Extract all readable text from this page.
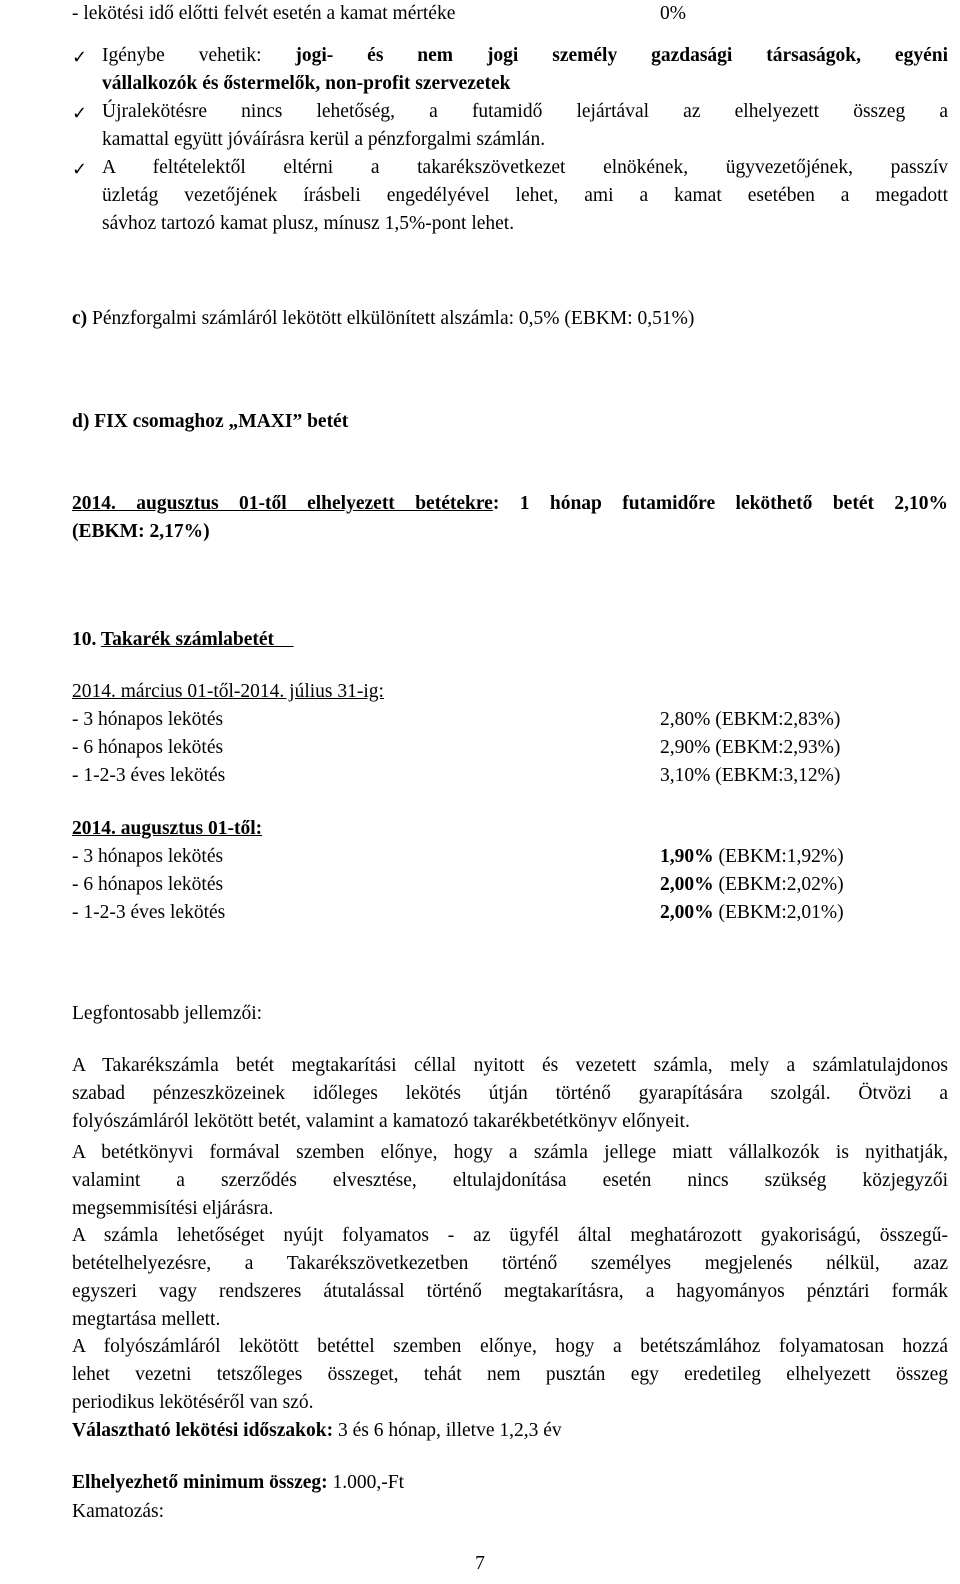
- lekötési idő előtti felvét esetén a kamat mértéke	0%
✓ Igénybe vehetik: jogi- és nem jogi személy gazdasági társaságok, egyéni
vállalkozók és őstermelők, non-profit szervezetek
✓ Újralekötésre nincs lehetőség, a futamidő lejártával az elhelyezett összeg a
kamattal együtt jóváírásra kerül a pénzforgalmi számlán.
✓ A feltételektől eltérni a takarékszövetkezet elnökének, ügyvezetőjének, passzív
üzletág vezetőjének írásbeli engedélyével lehet, ami a kamat esetében a megadott
sávhoz tartozó kamat plusz, mínusz 1,5%-pont lehet.
c) Pénzforgalmi számláról lekötött elkülönített alszámla: 0,5% (EBKM: 0,51%)
d) FIX csomaghoz „MAXI” betét
2014. augusztus 01-től elhelyezett betétekre: 1 hónap futamidőre leköthető betét 2,10%
(EBKM: 2,17%)
10. Takarék számlabetét
2014. március 01-től-2014. július 31-ig:
- 3 hónapos lekötés	2,80% (EBKM:2,83%)
- 6 hónapos lekötés	2,90% (EBKM:2,93%)
- 1-2-3 éves lekötés	3,10% (EBKM:3,12%)
2014. augusztus 01-től:
- 3 hónapos lekötés	1,90% (EBKM:1,92%)
- 6 hónapos lekötés	2,00% (EBKM:2,02%)
- 1-2-3 éves lekötés	2,00% (EBKM:2,01%)
Legfontosabb jellemzői:
A Takarékszámla betét megtakarítási céllal nyitott és vezetett számla, mely a számlatulajdonos
szabad pénzeszközeinek időleges lekötés útján történő gyarapítására szolgál. Ötvözi a
folyószámláról lekötött betét, valamint a kamatozó takarékbetétkönyv előnyeit.
A betétkönyvi formával szemben előnye, hogy a számla jellege miatt vállalkozók is nyithatják,
valamint a szerződés elvesztése, eltulajdonítása esetén nincs szükség közjegyzői
megsemmisítési eljárásra.
A számla lehetőséget nyújt folyamatos - az ügyfél által meghatározott gyakoriságú, összegű-
betételhelyezésre, a Takarékszövetkezetben történő személyes megjelenés nélkül, azaz
egyszeri vagy rendszeres átutalással történő megtakarításra, a hagyományos pénztári formák
megtartása mellett.
A folyószámláról lekötött betéttel szemben előnye, hogy a betétszámlához folyamatosan hozzá
lehet vezetni tetszőleges összeget, tehát nem pusztán egy eredetileg elhelyezett összeg
periodikus lekötéséről van szó.
Választható lekötési időszakok: 3 és 6 hónap, illetve 1,2,3 év
Elhelyezhető minimum összeg: 1.000,-Ft
Kamatozás:
7
